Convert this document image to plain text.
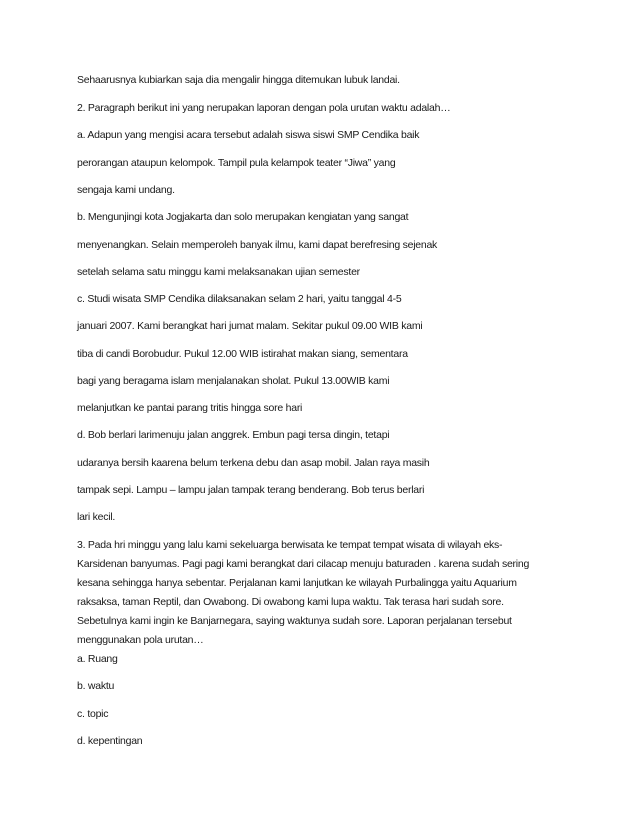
Sehaarusnya kubiarkan saja dia mengalir hingga ditemukan lubuk landai.

2. Paragraph berikut ini yang nerupakan laporan dengan pola urutan waktu adalah…

a. Adapun yang mengisi acara tersebut adalah siswa siswi SMP Cendika baik

perorangan ataupun kelompok. Tampil pula kelampok teater “Jiwa” yang

sengaja kami undang.

b. Mengunjingi kota Jogjakarta dan solo merupakan kengiatan yang sangat

menyenangkan. Selain memperoleh banyak ilmu, kami dapat berefresing sejenak

setelah selama satu minggu kami melaksanakan ujian semester

c. Studi wisata SMP Cendika dilaksanakan selam 2 hari, yaitu tanggal 4-5

januari 2007. Kami berangkat hari jumat malam. Sekitar pukul 09.00 WIB kami

tiba di candi Borobudur. Pukul 12.00 WIB istirahat makan siang, sementara

bagi yang beragama islam menjalanakan sholat. Pukul 13.00WIB kami

melanjutkan ke pantai parang tritis hingga sore hari

d. Bob berlari larimenuju jalan anggrek. Embun pagi tersa dingin, tetapi

udaranya bersih kaarena belum terkena debu dan asap mobil. Jalan raya masih

tampak sepi. Lampu – lampu jalan tampak terang benderang. Bob terus berlari

lari kecil.

3. Pada hri minggu yang lalu kami sekeluarga berwisata ke tempat tempat wisata di wilayah eks-
Karsidenan banyumas. Pagi pagi kami berangkat dari cilacap menuju baturaden . karena sudah sering
kesana sehingga hanya sebentar. Perjalanan kami lanjutkan ke wilayah Purbalingga yaitu Aquarium
raksaksa, taman Reptil, dan Owabong. Di owabong kami lupa waktu. Tak terasa hari sudah sore.
Sebetulnya kami ingin ke Banjarnegara, saying waktunya sudah sore. Laporan perjalanan tersebut
menggunakan pola urutan…

a. Ruang

b. waktu

c. topic

d. kepentingan
